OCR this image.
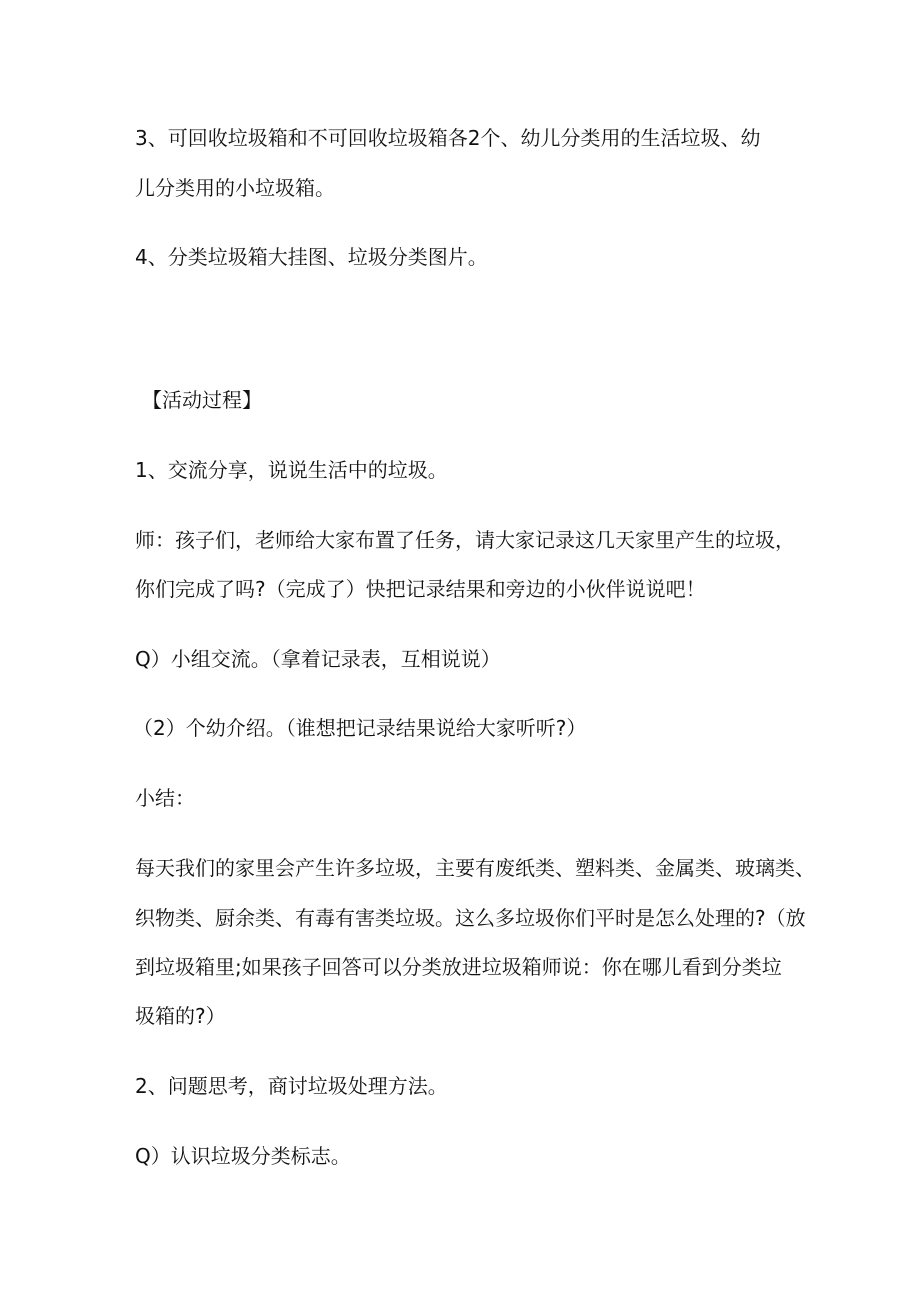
3、可回收垃圾箱和不可回收垃圾箱各2个、幼儿分类用的生活垃圾、幼
儿分类用的小垃圾箱。
4、分类垃圾箱大挂图、垃圾分类图片。
【活动过程】
1、交流分享，说说生活中的垃圾。
师：孩子们，老师给大家布置了任务，请大家记录这几天家里产生的垃圾，
你们完成了吗?（完成了）快把记录结果和旁边的小伙伴说说吧！
Q）小组交流。（拿着记录表，互相说说）
（2）个幼介绍。（谁想把记录结果说给大家听听?）
小结：
每天我们的家里会产生许多垃圾，主要有废纸类、塑料类、金属类、玻璃类、
织物类、厨余类、有毒有害类垃圾。这么多垃圾你们平时是怎么处理的?（放
到垃圾箱里;如果孩子回答可以分类放进垃圾箱师说：你在哪儿看到分类垃
圾箱的?）
2、问题思考，商讨垃圾处理方法。
Q）认识垃圾分类标志。
